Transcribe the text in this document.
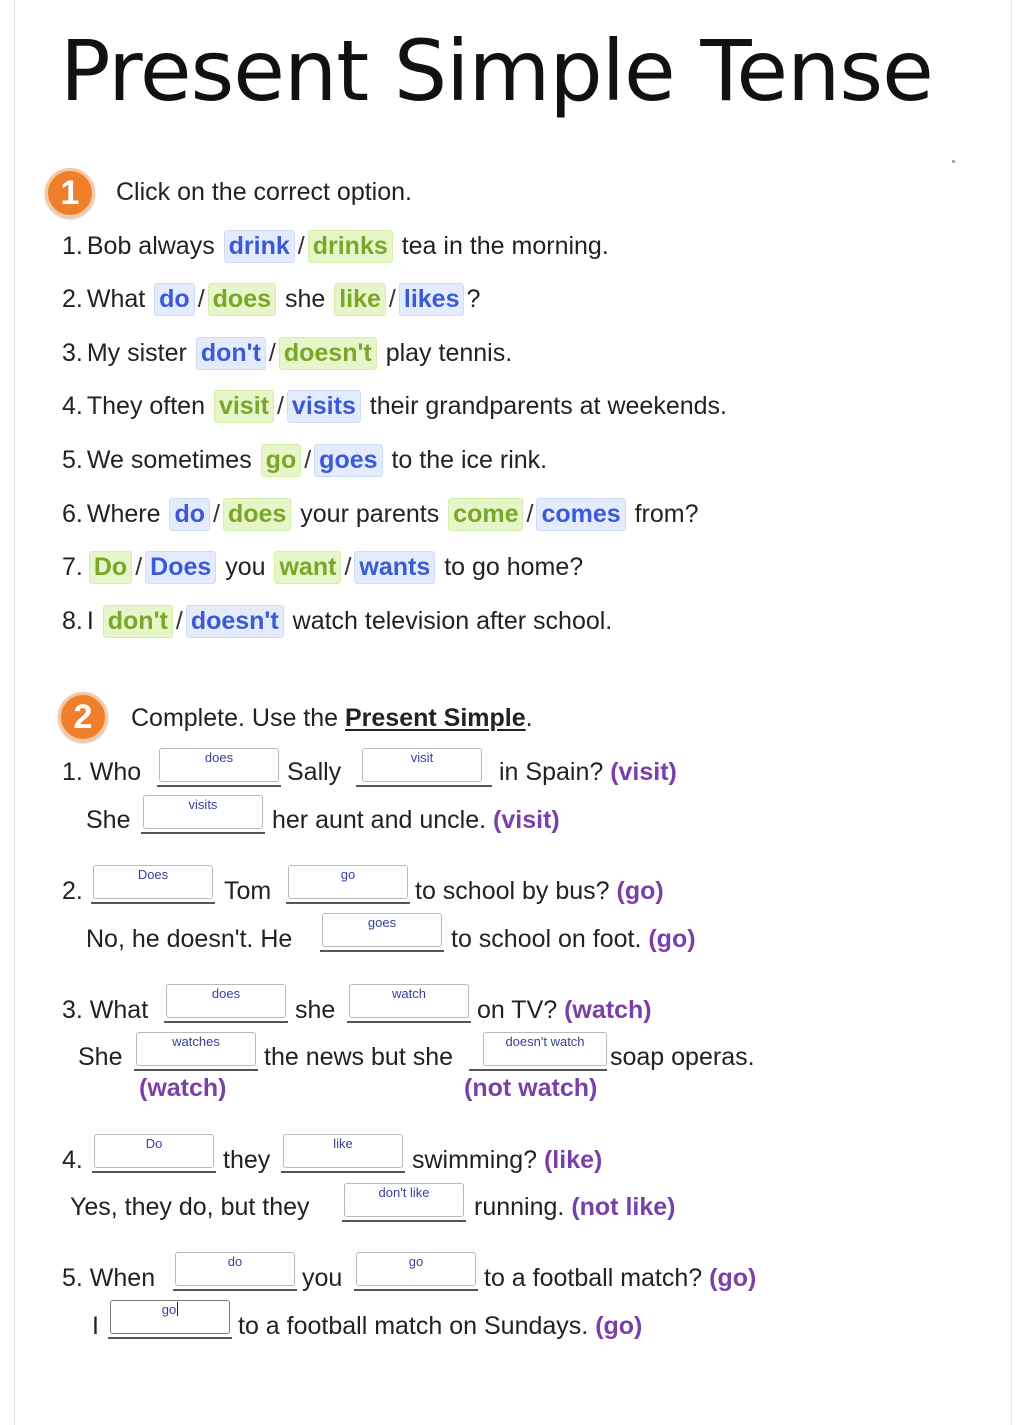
Present Simple Tense
1	Click on the correct option.
1. Bob always drink / drinks tea in the morning.
2. What do / does she like / likes ?
3. My sister don't / doesn't play tennis.
4. They often visit / visits their grandparents at weekends.
5. We sometimes go / goes to the ice rink.
6. Where do / does your parents come / comes from?
7. Do / Does you want / wants to go home?
8. I don't / doesn't watch television after school.
2	Complete. Use the Present Simple.
1. Who
does
Sally
visit
in Spain? (visit)
She
visits
her aunt and uncle. (visit)
2.
Does
Tom
go
to school by bus? (go)
No, he doesn't. He
goes
to school on foot. (go)
3. What
does
she
watch
on TV? (watch)
She
watches
the news but she
doesn't watch
soap operas.
(watch)	(not watch)
4.
Do
they
like
swimming? (like)
Yes, they do, but they
don't like
running. (not like)
5. When
do
you
go
to a football match? (go)
I
go
to a football match on Sundays. (go)
